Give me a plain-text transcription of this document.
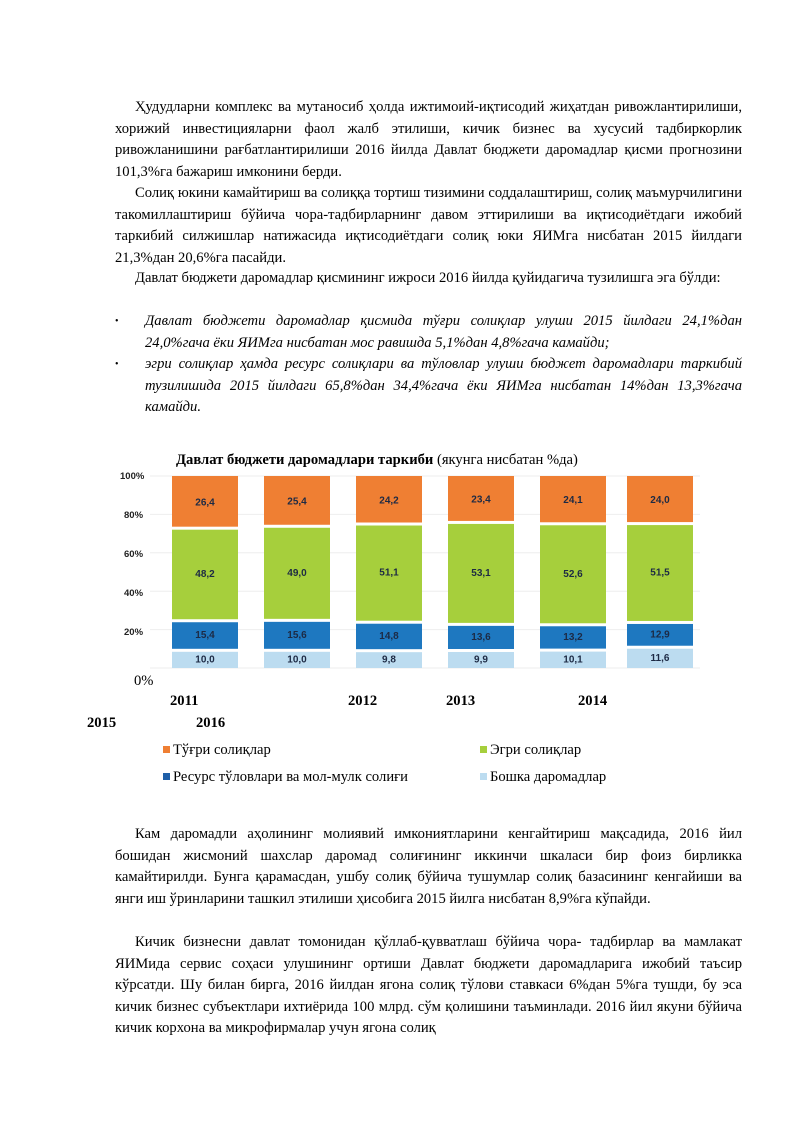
Ҳудудларни комплекс ва мутаносиб ҳолда ижтимоий-иқтисодий жиҳатдан ривожлантирилиши, хорижий инвестицияларни фаол жалб этилиши, кичик бизнес ва хусусий тадбиркорлик ривожланишини рағбатлантирилиши 2016 йилда Давлат бюджети даромадлар қисми прогнозини 101,3%га бажариш имконини берди.

Солиқ юкини камайтириш ва солиққа тортиш тизимини соддалаштириш, солиқ маъмурчилигини такомиллаштириш бўйича чора-тадбирларнинг давом эттирилиши ва иқтисодиётдаги ижобий таркибий силжишлар натижасида иқтисодиётдаги солиқ юки ЯИМга нисбатан 2015 йилдаги 21,3%дан 20,6%га пасайди.

Давлат бюджети даромадлар қисмининг ижроси 2016 йилда қуйидагича тузилишга эга бўлди:

• Давлат бюджети даромадлар қисмида тўғри солиқлар улуши 2015 йилдаги 24,1%дан 24,0%гача ёки ЯИМга нисбатан мос равишда 5,1%дан 4,8%гача камайди;
• эгри солиқлар ҳамда ресурс солиқлари ва тўловлар улуши бюджет даромадлари таркибий тузилишида 2015 йилдаги 65,8%дан 34,4%гача ёки ЯИМга нисбатан 14%дан 13,3%гача камайди.
Давлат бюджети даромадлари таркиби (якунга нисбатан %да)
100%
80%
60%
40%
20%
10,0
15,4
48,2
26,4
10,0
15,6
49,0
25,4
9,8
14,8
51,1
24,2
9,9
13,6
53,1
23,4
10,1
13,2
52,6
24,1
11,6
12,9
51,5
24,0
0%
2011	2012	2013	2014
2015	2016
Тўғри солиқлар	Эгри солиқлар
Ресурс тўловлари ва мол-мулк солиғи	Бошка даромадлар

Кам даромадли аҳолининг молиявий имкониятларини кенгайтириш мақсадида, 2016 йил бошидан жисмоний шахслар даромад солиғининг иккинчи шкаласи бир фоиз бирликка камайтирилди. Бунга қарамасдан, ушбу солиқ бўйича тушумлар солиқ базасининг кенгайиши ва янги иш ўринларини ташкил этилиши ҳисобига 2015 йилга нисбатан 8,9%га кўпайди.

Кичик бизнесни давлат томонидан қўллаб-қувватлаш бўйича чора- тадбирлар ва мамлакат ЯИМида сервис соҳаси улушининг ортиши Давлат бюджети даромадларига ижобий таъсир кўрсатди. Шу билан бирга, 2016 йилдан ягона солиқ тўлови ставкаси 6%дан 5%га тушди, бу эса кичик бизнес субъектлари ихтиёрида 100 млрд. сўм қолишини таъминлади. 2016 йил якуни бўйича кичик корхона ва микрофирмалар учун ягона солиқ
